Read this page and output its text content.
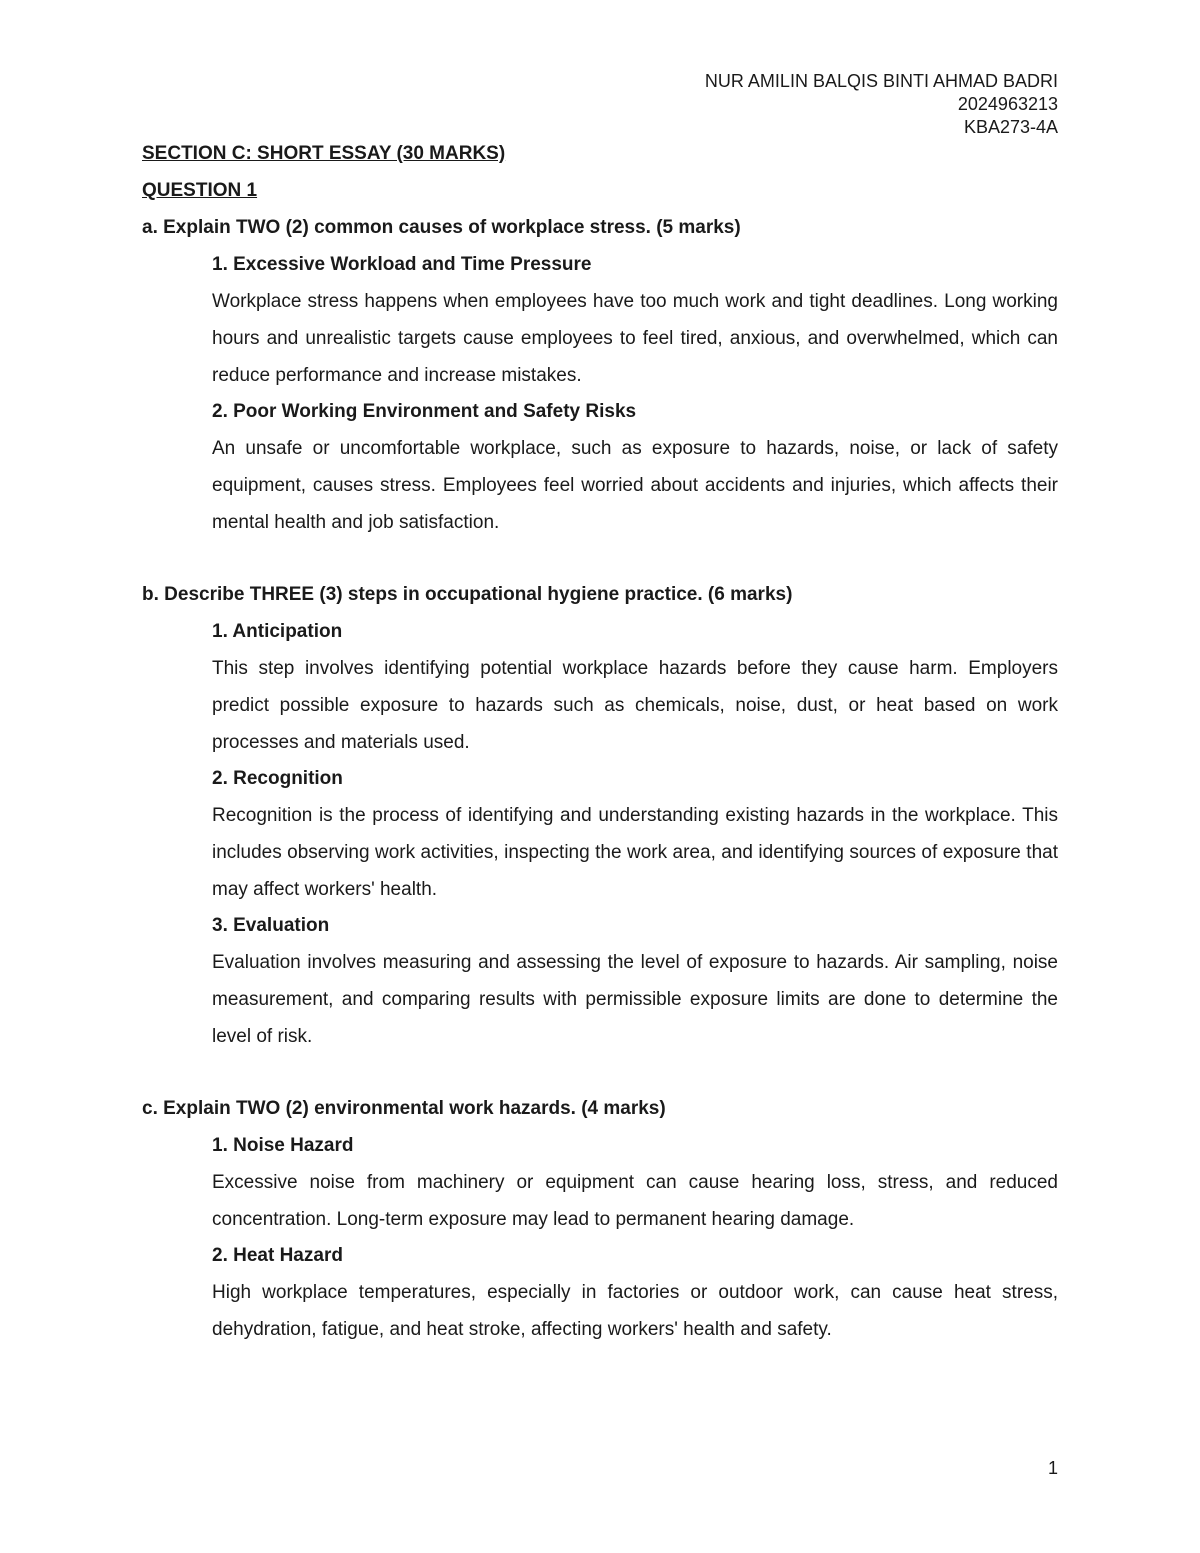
NUR AMILIN BALQIS BINTI AHMAD BADRI
2024963213
KBA273-4A
SECTION C: SHORT ESSAY (30 MARKS)
QUESTION 1
a. Explain TWO (2) common causes of workplace stress. (5 marks)
1. Excessive Workload and Time Pressure
Workplace stress happens when employees have too much work and tight deadlines. Long working hours and unrealistic targets cause employees to feel tired, anxious, and overwhelmed, which can reduce performance and increase mistakes.
2. Poor Working Environment and Safety Risks
An unsafe or uncomfortable workplace, such as exposure to hazards, noise, or lack of safety equipment, causes stress. Employees feel worried about accidents and injuries, which affects their mental health and job satisfaction.
b. Describe THREE (3) steps in occupational hygiene practice. (6 marks)
1. Anticipation
This step involves identifying potential workplace hazards before they cause harm. Employers predict possible exposure to hazards such as chemicals, noise, dust, or heat based on work processes and materials used.
2. Recognition
Recognition is the process of identifying and understanding existing hazards in the workplace. This includes observing work activities, inspecting the work area, and identifying sources of exposure that may affect workers' health.
3. Evaluation
Evaluation involves measuring and assessing the level of exposure to hazards. Air sampling, noise measurement, and comparing results with permissible exposure limits are done to determine the level of risk.
c. Explain TWO (2) environmental work hazards. (4 marks)
1. Noise Hazard
Excessive noise from machinery or equipment can cause hearing loss, stress, and reduced concentration. Long-term exposure may lead to permanent hearing damage.
2. Heat Hazard
High workplace temperatures, especially in factories or outdoor work, can cause heat stress, dehydration, fatigue, and heat stroke, affecting workers' health and safety.
1
